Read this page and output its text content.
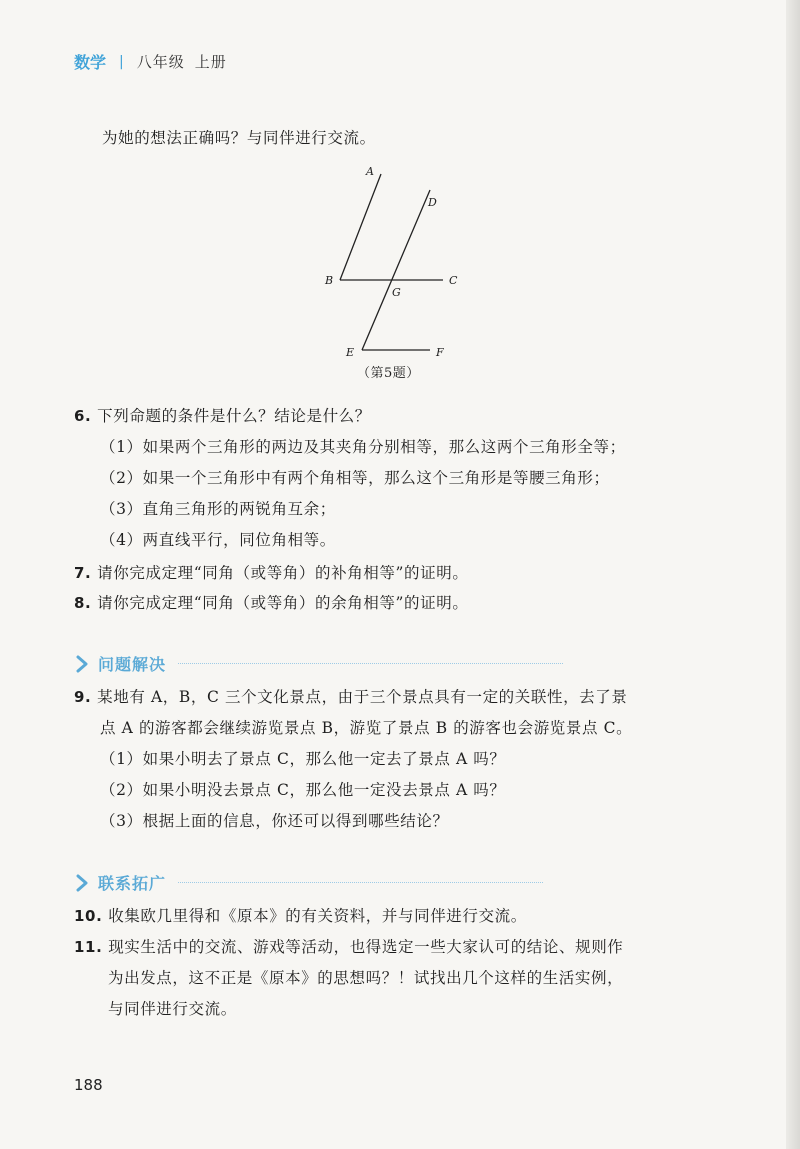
数学 | 八年级 上册
为她的想法正确吗？与同伴进行交流。
A
D
B
G
C
E	F
（第5题）
6. 下列命题的条件是什么？结论是什么？
（1）如果两个三角形的两边及其夹角分别相等，那么这两个三角形全等；
（2）如果一个三角形中有两个角相等，那么这个三角形是等腰三角形；
（3）直角三角形的两锐角互余；
（4）两直线平行，同位角相等。
7. 请你完成定理“同角（或等角）的补角相等”的证明。
8. 请你完成定理“同角（或等角）的余角相等”的证明。
问题解决
9. 某地有 A，B，C 三个文化景点，由于三个景点具有一定的关联性，去了景
点 A 的游客都会继续游览景点 B，游览了景点 B 的游客也会游览景点 C。
（1）如果小明去了景点 C，那么他一定去了景点 A 吗？
（2）如果小明没去景点 C，那么他一定没去景点 A 吗？
（3）根据上面的信息，你还可以得到哪些结论？
联系拓广
10. 收集欧几里得和《原本》的有关资料，并与同伴进行交流。
11. 现实生活中的交流、游戏等活动，也得选定一些大家认可的结论、规则作
为出发点，这不正是《原本》的思想吗？！试找出几个这样的生活实例，
与同伴进行交流。
188
